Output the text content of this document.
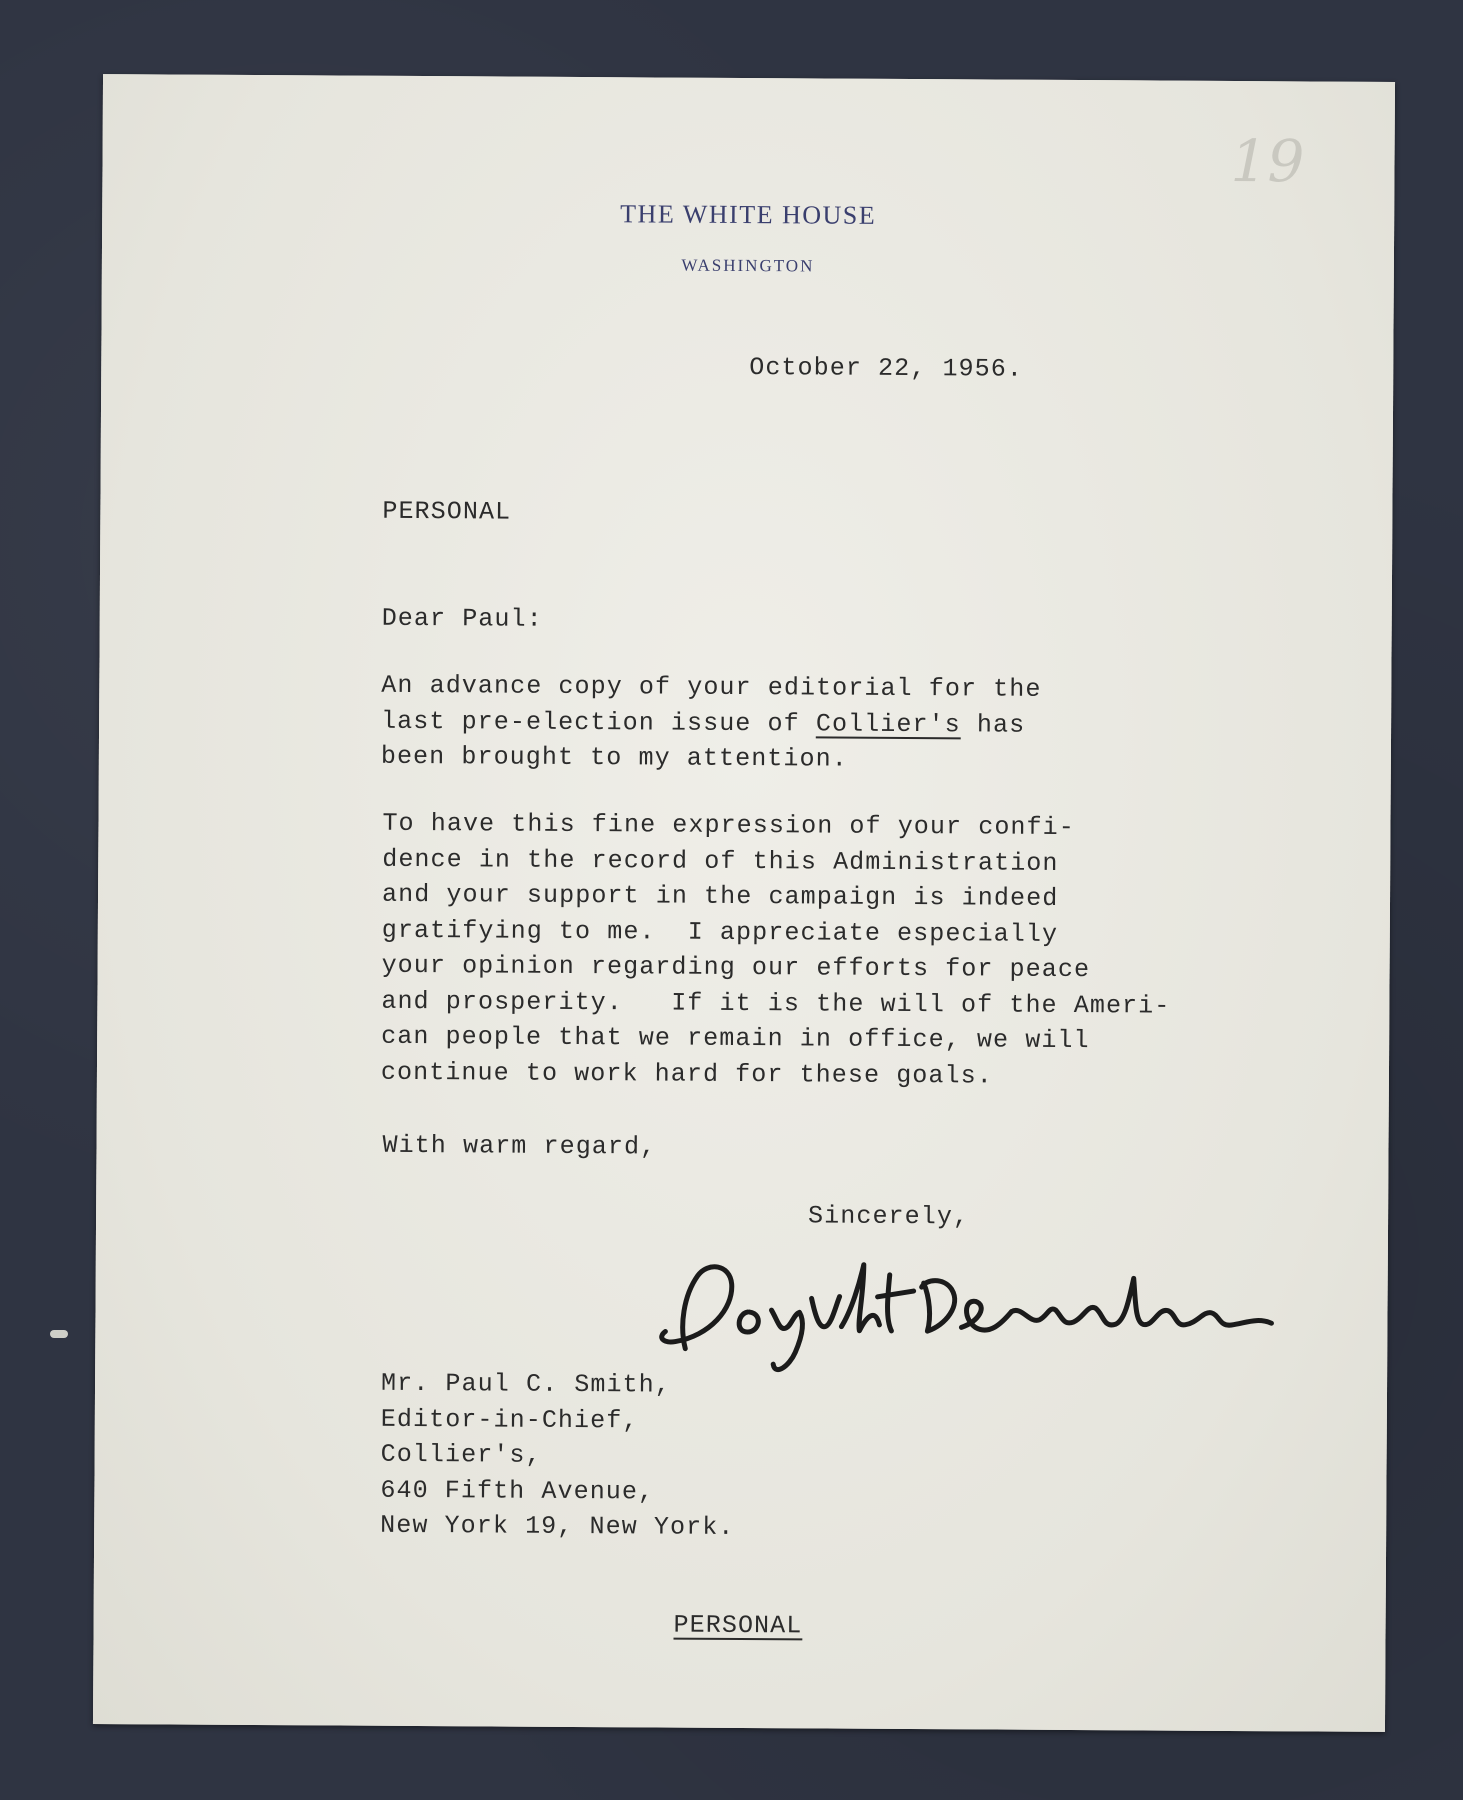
THE WHITE HOUSE
WASHINGTON
19
October 22, 1956.
PERSONAL
Dear Paul:
An advance copy of your editorial for the
last pre-election issue of Collier's has
been brought to my attention.
To have this fine expression of your confi-
dence in the record of this Administration
and your support in the campaign is indeed
gratifying to me.  I appreciate especially
your opinion regarding our efforts for peace
and prosperity.   If it is the will of the Ameri-
can people that we remain in office, we will
continue to work hard for these goals.
With warm regard,
Sincerely,
Mr. Paul C. Smith,
Editor-in-Chief,
Collier's,
640 Fifth Avenue,
New York 19, New York.
PERSONAL
